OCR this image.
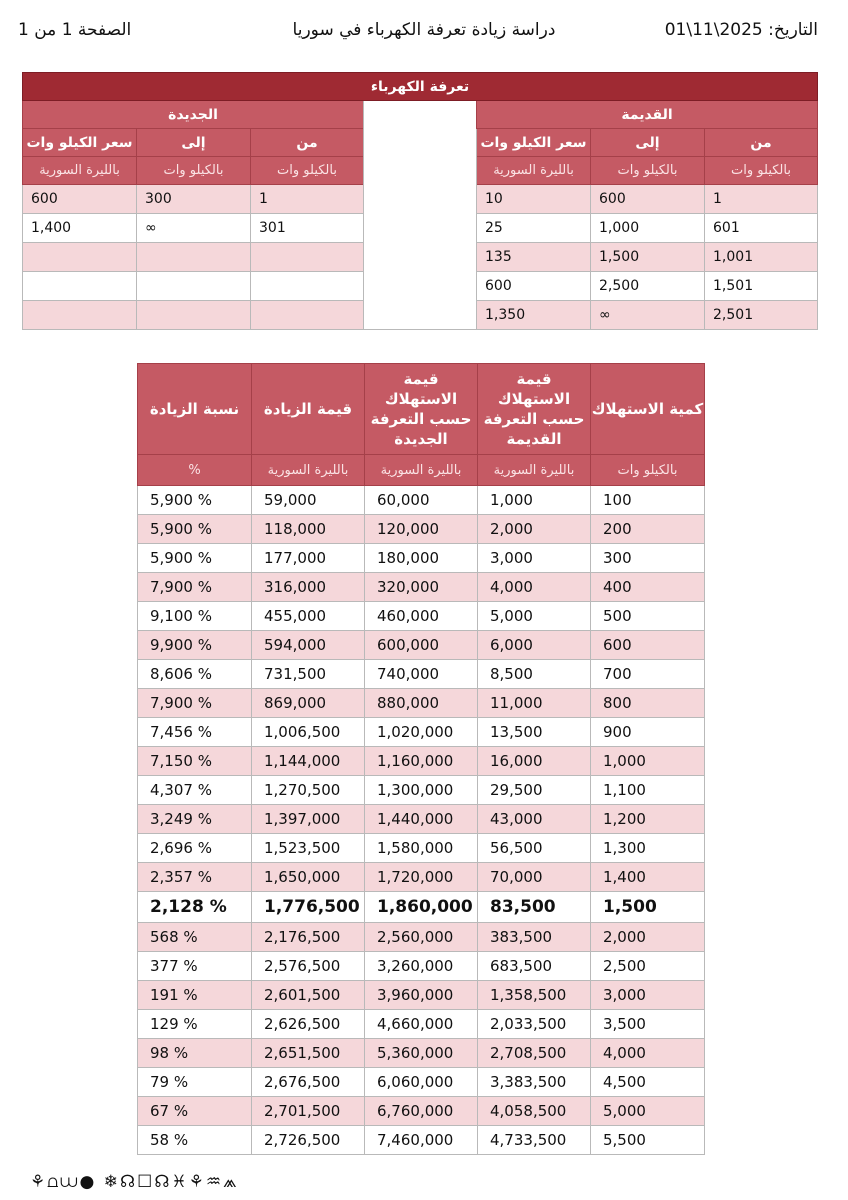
التاريخ: 2025\11\01
دراسة زيادة تعرفة الكهرباء في سوريا
الصفحة 1 من 1
تعرفة الكهرباء						
القديمة				الجديدة		
من	إلى	سعر الكيلو وات		من	إلى	سعر الكيلو وات
بالكيلو وات	بالكيلو وات	بالليرة السورية		بالكيلو وات	بالكيلو وات	بالليرة السورية
1	600	10		1	300	600
601	1,000	25		301	∞	1,400
1,001	1,500	135				
1,501	2,500	600				
2,501	∞	1,350				
كمية الاستهلاك	قيمة الاستهلاك حسب التعرفة القديمة	قيمة الاستهلاك حسب التعرفة الجديدة	قيمة الزيادة	نسبة الزيادة
بالكيلو وات	بالليرة السورية	بالليرة السورية	بالليرة السورية	%
100	1,000	60,000	59,000	% 5,900
200	2,000	120,000	118,000	% 5,900
300	3,000	180,000	177,000	% 5,900
400	4,000	320,000	316,000	% 7,900
500	5,000	460,000	455,000	% 9,100
600	6,000	600,000	594,000	% 9,900
700	8,500	740,000	731,500	% 8,606
800	11,000	880,000	869,000	% 7,900
900	13,500	1,020,000	1,006,500	% 7,456
1,000	16,000	1,160,000	1,144,000	% 7,150
1,100	29,500	1,300,000	1,270,500	% 4,307
1,200	43,000	1,440,000	1,397,000	% 3,249
1,300	56,500	1,580,000	1,523,500	% 2,696
1,400	70,000	1,720,000	1,650,000	% 2,357
1,500	83,500	1,860,000	1,776,500	% 2,128
2,000	383,500	2,560,000	2,176,500	% 568
2,500	683,500	3,260,000	2,576,500	% 377
3,000	1,358,500	3,960,000	2,601,500	% 191
3,500	2,033,500	4,660,000	2,626,500	% 129
4,000	2,708,500	5,360,000	2,651,500	% 98
4,500	3,383,500	6,060,000	2,676,500	% 79
5,000	4,058,500	6,760,000	2,701,500	% 67
5,500	4,733,500	7,460,000	2,726,500	% 58
⚘⩍⩊● ❄☊☐☊♓⚘♒⩕
